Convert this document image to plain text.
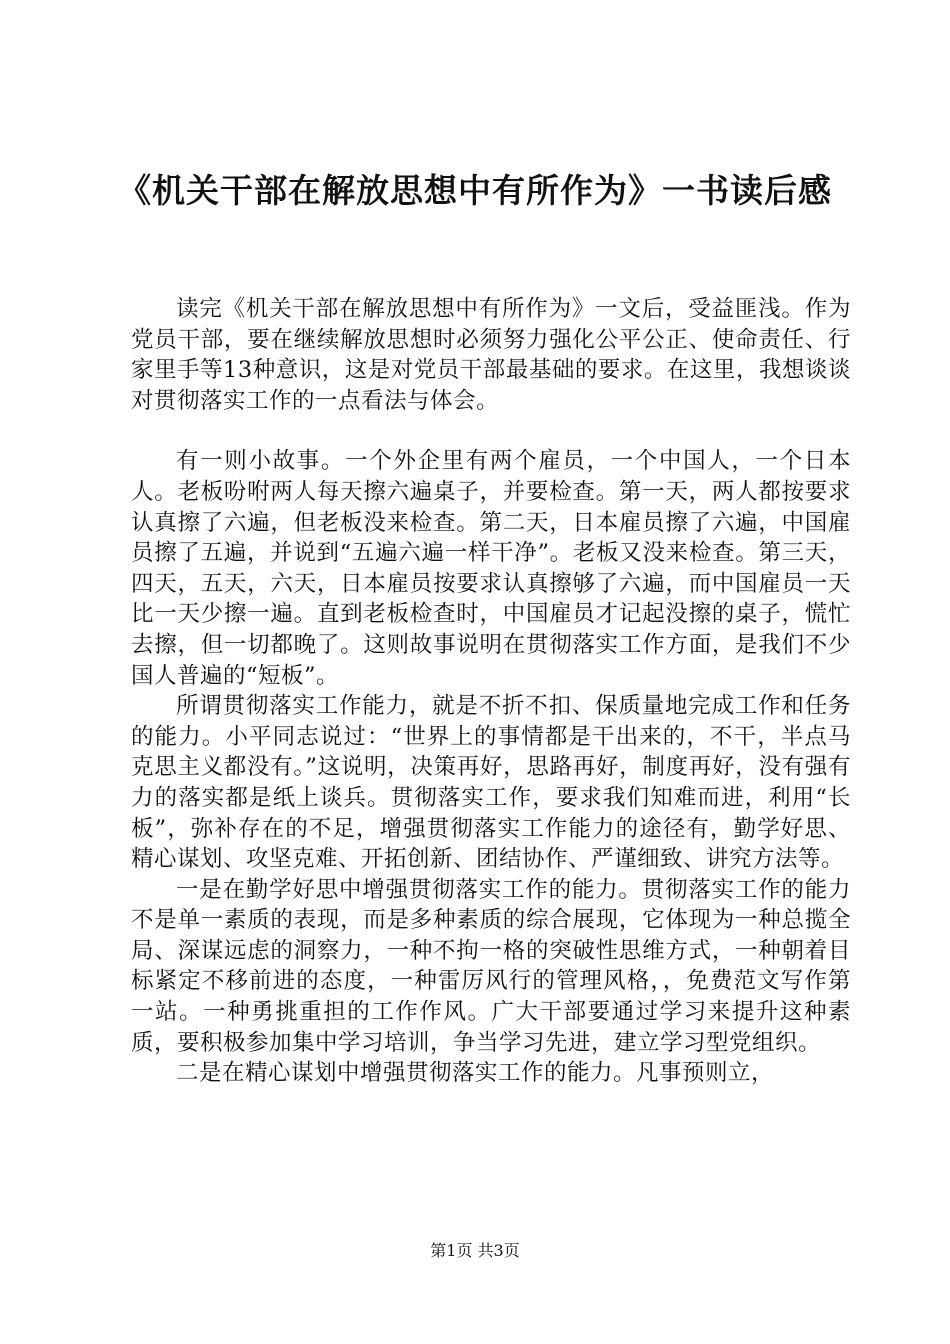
《机关干部在解放思想中有所作为》一书读后感

读完《机关干部在解放思想中有所作为》一文后，受益匪浅。作为党员干部，要在继续解放思想时必须努力强化公平公正、使命责任、行家里手等13种意识，这是对党员干部最基础的要求。在这里，我想谈谈对贯彻落实工作的一点看法与体会。

有一则小故事。一个外企里有两个雇员，一个中国人，一个日本人。老板吩咐两人每天擦六遍桌子，并要检查。第一天，两人都按要求认真擦了六遍，但老板没来检查。第二天，日本雇员擦了六遍，中国雇员擦了五遍，并说到“五遍六遍一样干净”。老板又没来检查。第三天，四天，五天，六天，日本雇员按要求认真擦够了六遍，而中国雇员一天比一天少擦一遍。直到老板检查时，中国雇员才记起没擦的桌子，慌忙去擦，但一切都晚了。这则故事说明在贯彻落实工作方面，是我们不少国人普遍的“短板”。

所谓贯彻落实工作能力，就是不折不扣、保质量地完成工作和任务的能力。小平同志说过：“世界上的事情都是干出来的，不干，半点马克思主义都没有。”这说明，决策再好，思路再好，制度再好，没有强有力的落实都是纸上谈兵。贯彻落实工作，要求我们知难而进，利用“长板”，弥补存在的不足，增强贯彻落实工作能力的途径有，勤学好思、精心谋划、攻坚克难、开拓创新、团结协作、严谨细致、讲究方法等。

一是在勤学好思中增强贯彻落实工作的能力。贯彻落实工作的能力不是单一素质的表现，而是多种素质的综合展现，它体现为一种总揽全局、深谋远虑的洞察力，一种不拘一格的突破性思维方式，一种朝着目标紧定不移前进的态度，一种雷厉风行的管理风格，，免费范文写作第一站。一种勇挑重担的工作作风。广大干部要通过学习来提升这种素质，要积极参加集中学习培训，争当学习先进，建立学习型党组织。

二是在精心谋划中增强贯彻落实工作的能力。凡事预则立，

第1页 共3页
